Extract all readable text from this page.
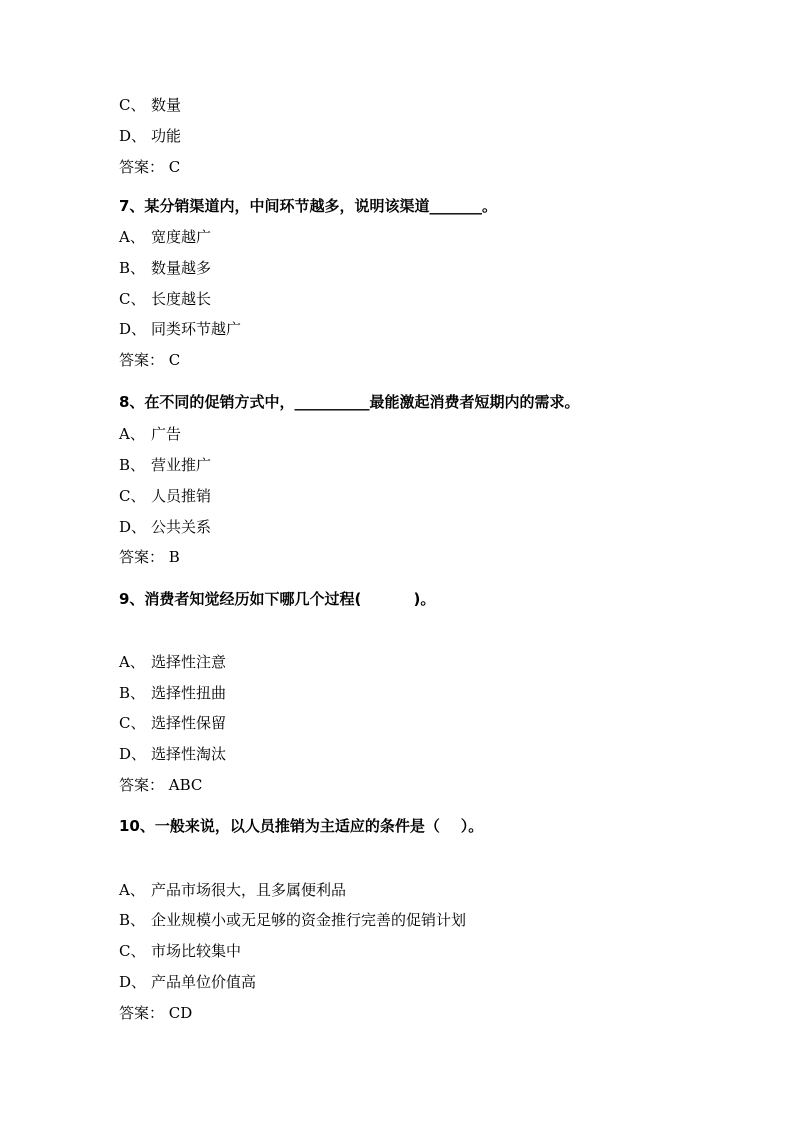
C、 数量
D、 功能
答案： C
7、某分销渠道内，中间环节越多，说明该渠道_______。
A、 宽度越广
B、 数量越多
C、 长度越长
D、 同类环节越广
答案： C
8、在不同的促销方式中，__________最能激起消费者短期内的需求。
A、 广告
B、 营业推广
C、 人员推销
D、 公共关系
答案： B
9、消费者知觉经历如下哪几个过程(          )。
A、 选择性注意
B、 选择性扭曲
C、 选择性保留
D、 选择性淘汰
答案： ABC
10、一般来说，以人员推销为主适应的条件是（    ）。
A、 产品市场很大，且多属便利品
B、 企业规模小或无足够的资金推行完善的促销计划
C、 市场比较集中
D、 产品单位价值高
答案： CD
